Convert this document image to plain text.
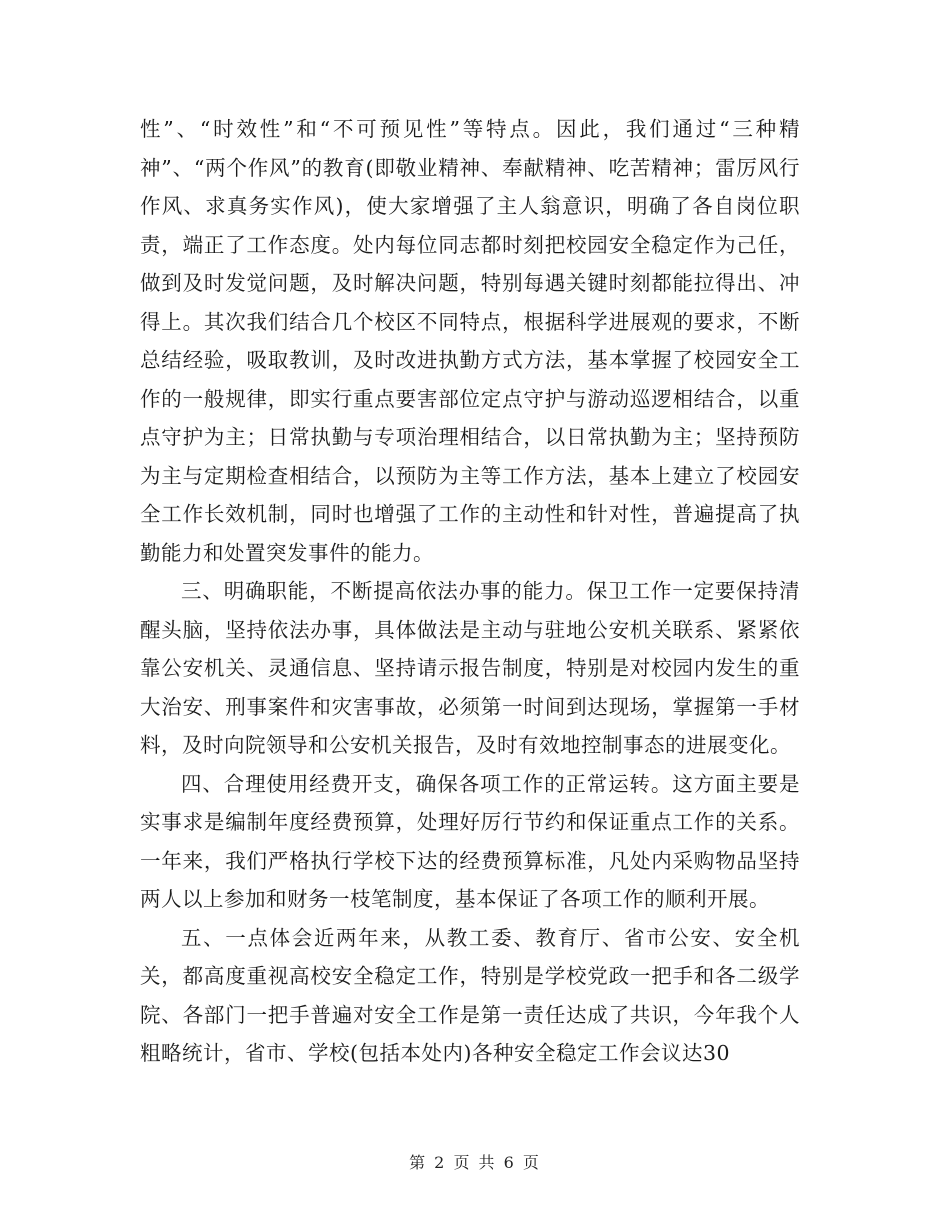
性”、“时效性”和“不可预见性”等特点。因此，我们通过“三种精神”、“两个作风”的教育(即敬业精神、奉献精神、吃苦精神；雷厉风行作风、求真务实作风)，使大家增强了主人翁意识，明确了各自岗位职责，端正了工作态度。处内每位同志都时刻把校园安全稳定作为己任，做到及时发觉问题，及时解决问题，特别每遇关键时刻都能拉得出、冲得上。其次我们结合几个校区不同特点，根据科学进展观的要求，不断总结经验，吸取教训，及时改进执勤方式方法，基本掌握了校园安全工作的一般规律，即实行重点要害部位定点守护与游动巡逻相结合，以重点守护为主；日常执勤与专项治理相结合，以日常执勤为主；坚持预防为主与定期检查相结合，以预防为主等工作方法，基本上建立了校园安全工作长效机制，同时也增强了工作的主动性和针对性，普遍提高了执勤能力和处置突发事件的能力。

三、明确职能，不断提高依法办事的能力。保卫工作一定要保持清醒头脑，坚持依法办事，具体做法是主动与驻地公安机关联系、紧紧依靠公安机关、灵通信息、坚持请示报告制度，特别是对校园内发生的重大治安、刑事案件和灾害事故，必须第一时间到达现场，掌握第一手材料，及时向院领导和公安机关报告，及时有效地控制事态的进展变化。

四、合理使用经费开支，确保各项工作的正常运转。这方面主要是实事求是编制年度经费预算，处理好厉行节约和保证重点工作的关系。一年来，我们严格执行学校下达的经费预算标准，凡处内采购物品坚持两人以上参加和财务一枝笔制度，基本保证了各项工作的顺利开展。

五、一点体会近两年来，从教工委、教育厅、省市公安、安全机关，都高度重视高校安全稳定工作，特别是学校党政一把手和各二级学院、各部门一把手普遍对安全工作是第一责任达成了共识，今年我个人粗略统计，省市、学校(包括本处内)各种安全稳定工作会议达30

第 2 页 共 6 页
